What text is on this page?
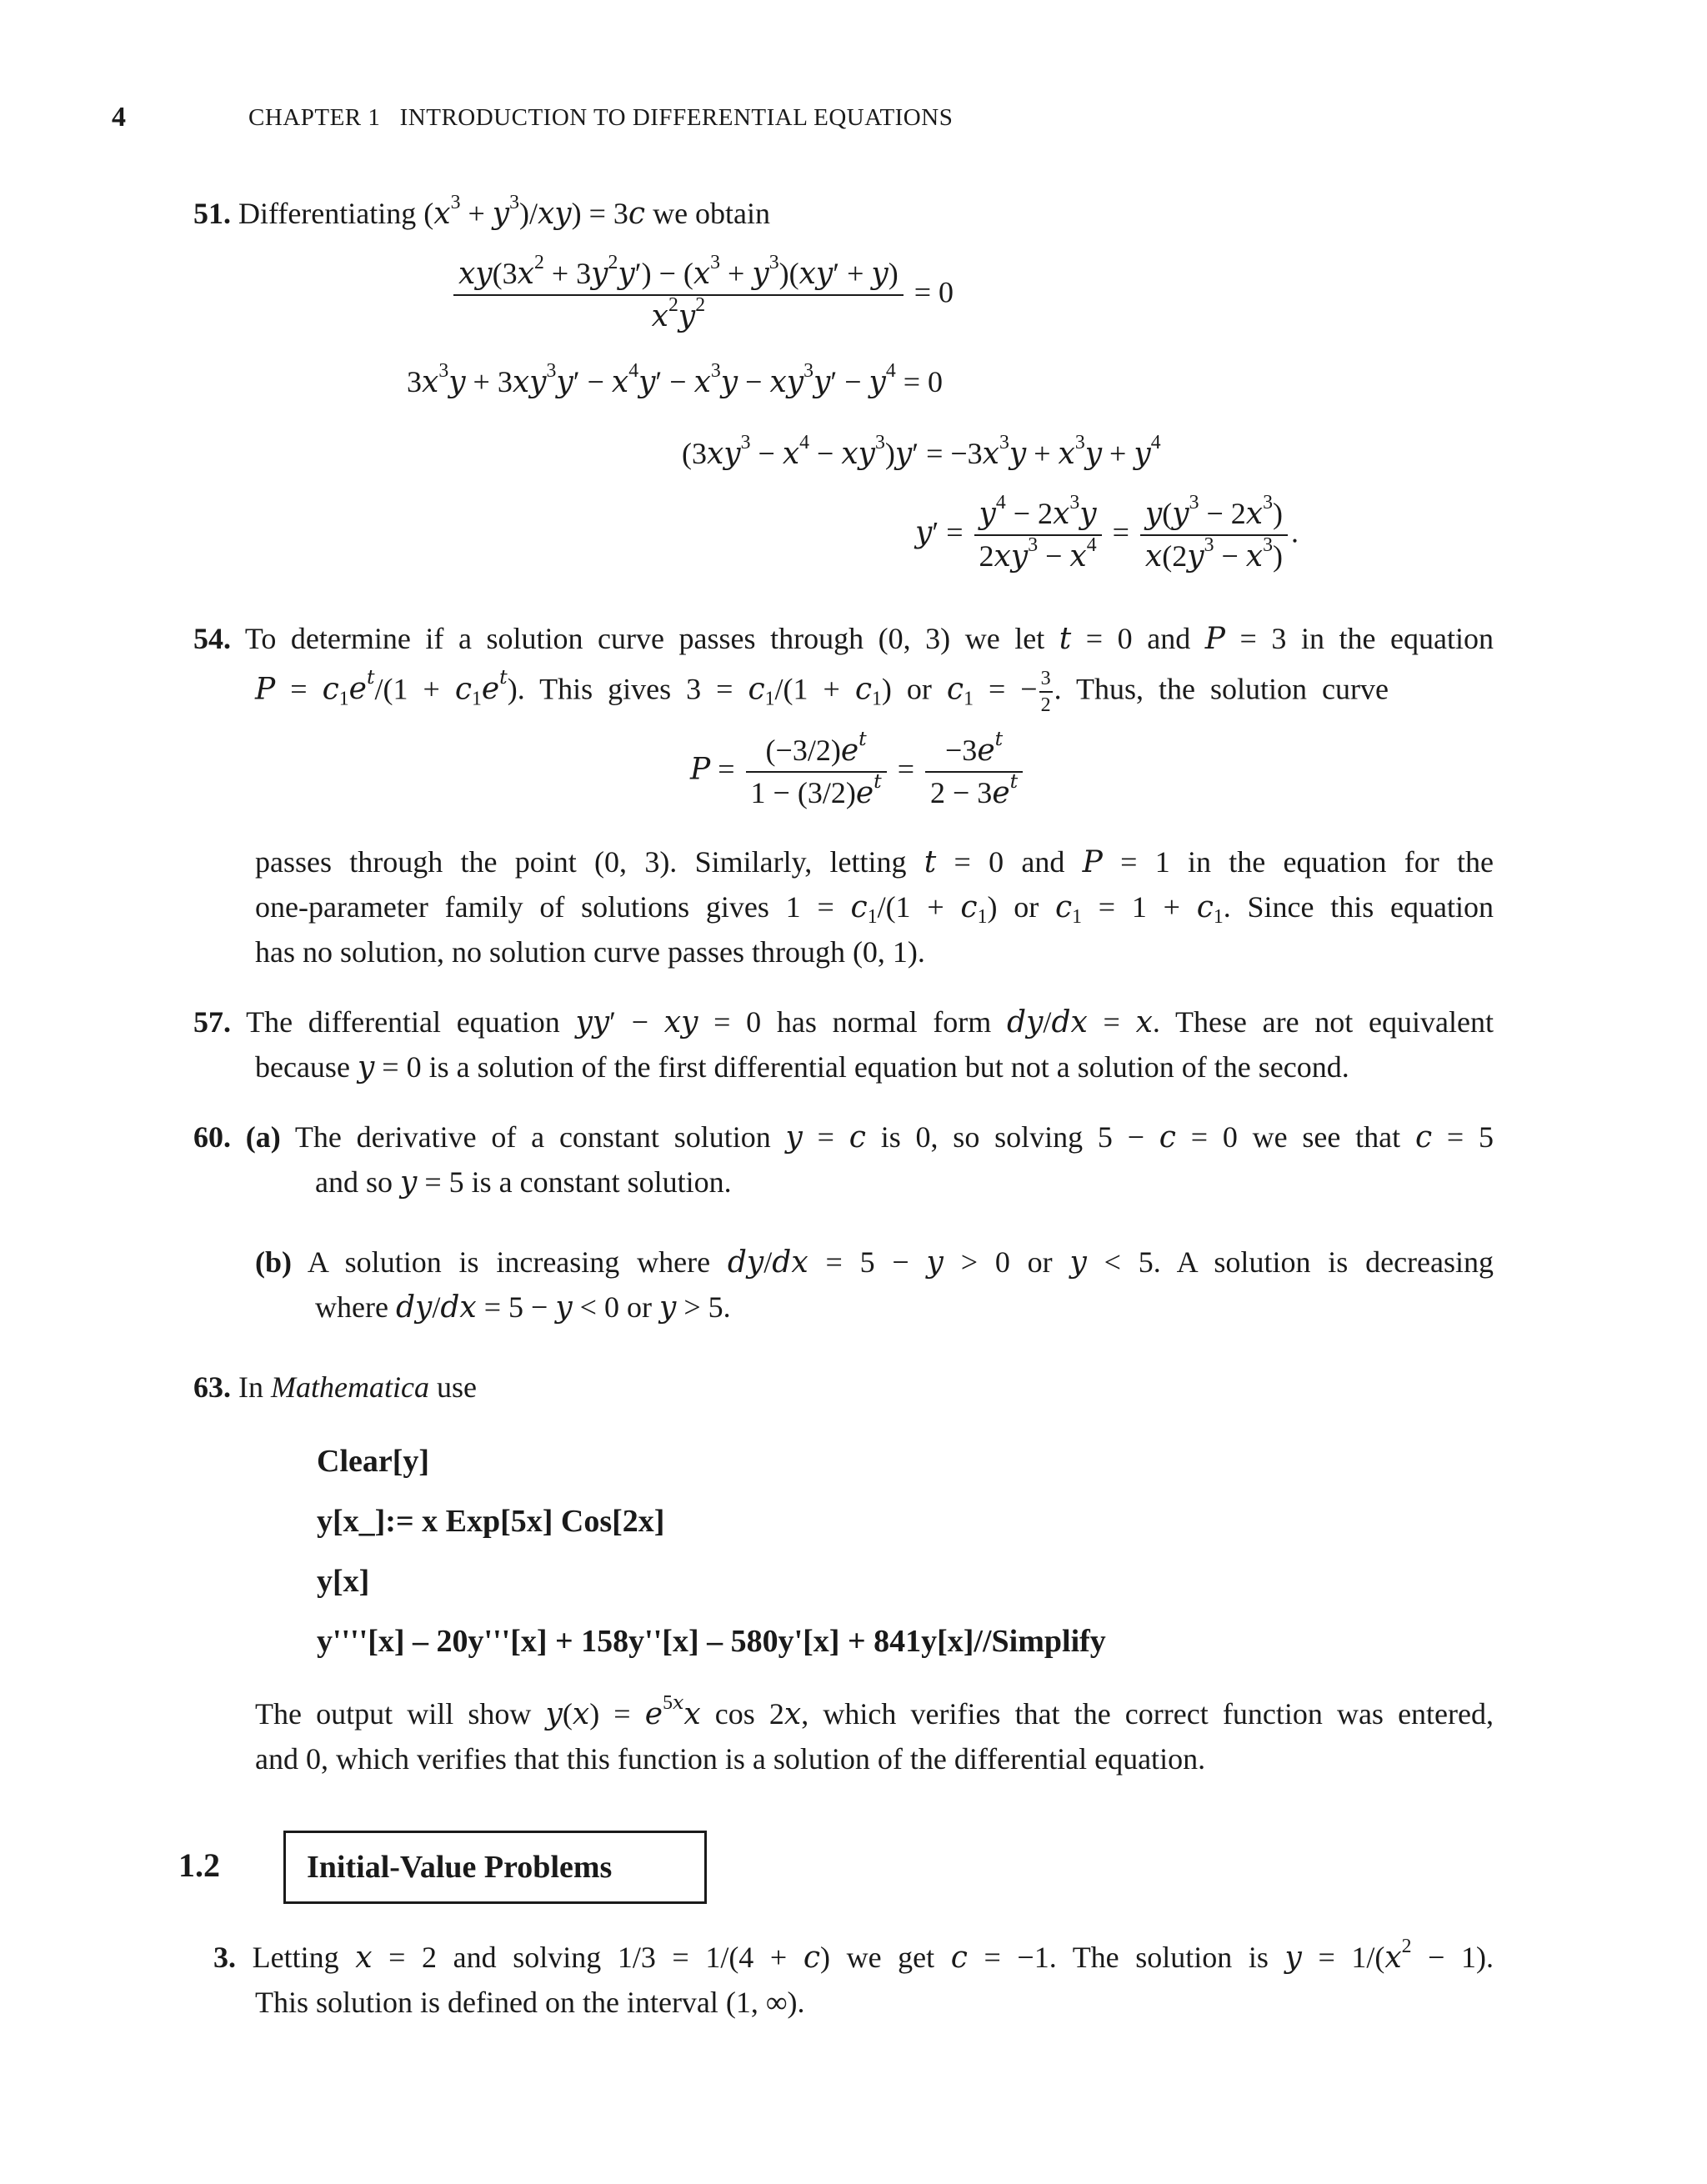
4	CHAPTER 1 INTRODUCTION TO DIFFERENTIAL EQUATIONS
51. Differentiating $(x^3 + y^3)/xy) = 3c$ we obtain
$\frac{xy(3x^2 + 3y^2y') - (x^3 + y^3)(xy' + y)}{x^2y^2} = 0$
$3x^3y + 3xy^3y' - x^4y' - x^3y - xy^3y' - y^4 = 0$
$(3xy^3 - x^4 - xy^3)y' = -3x^3y + x^3y + y^4$
$y' = \frac{y^4 - 2x^3y}{2xy^3 - x^4} = \frac{y(y^3 - 2x^3)}{x(2y^3 - x^3)}$ .
54. To determine if a solution curve passes through (0, 3) we let t = 0 and P = 3 in the equation
$P = c_1e^t/(1 + c_1e^t)$. This gives $3 = c_1/(1 + c_1)$ or $c_1$ = − $\frac{3}{2}$ . Thus, the solution curve
$P = \frac{(-3/2)e^t}{1 - (3/2)e^t} = \frac{-3e^t}{2 - 3e^t}$
passes through the point (0, 3). Similarly, letting t = 0 and P = 1 in the equation for the
one-parameter family of solutions gives $1 = c_1/(1 + c_1)$ or $c_1 = 1 + c_1$. Since this equation
has no solution, no solution curve passes through (0, 1).
57. The differential equation yy′ − xy = 0 has normal form dy/dx = x. These are not equivalent
because y = 0 is a solution of the first differential equation but not a solution of the second.
60. (a) The derivative of a constant solution y = c is 0, so solving 5 − c = 0 we see that c = 5
and so y = 5 is a constant solution.
(b) A solution is increasing where dy/dx = 5 − y > 0 or y < 5. A solution is decreasing
where dy/dx = 5 − y < 0 or y > 5.
63. In Mathematica use
Clear[y]
y[x_]:= x Exp[5x] Cos[2x]
y[x]
y''''[x] – 20y'''[x] + 158y''[x] – 580y'[x] + 841y[x]//Simplify
The output will show $y(x) = e^{5x}x$ cos 2x, which verifies that the correct function was entered,
and 0, which verifies that this function is a solution of the differential equation.
1.2	Initial-Value Problems
3. Letting x = 2 and solving 1/3 = 1/(4 + c) we get c = −1. The solution is $y = 1/(x^2 - 1)$.
This solution is defined on the interval (1, ∞).
